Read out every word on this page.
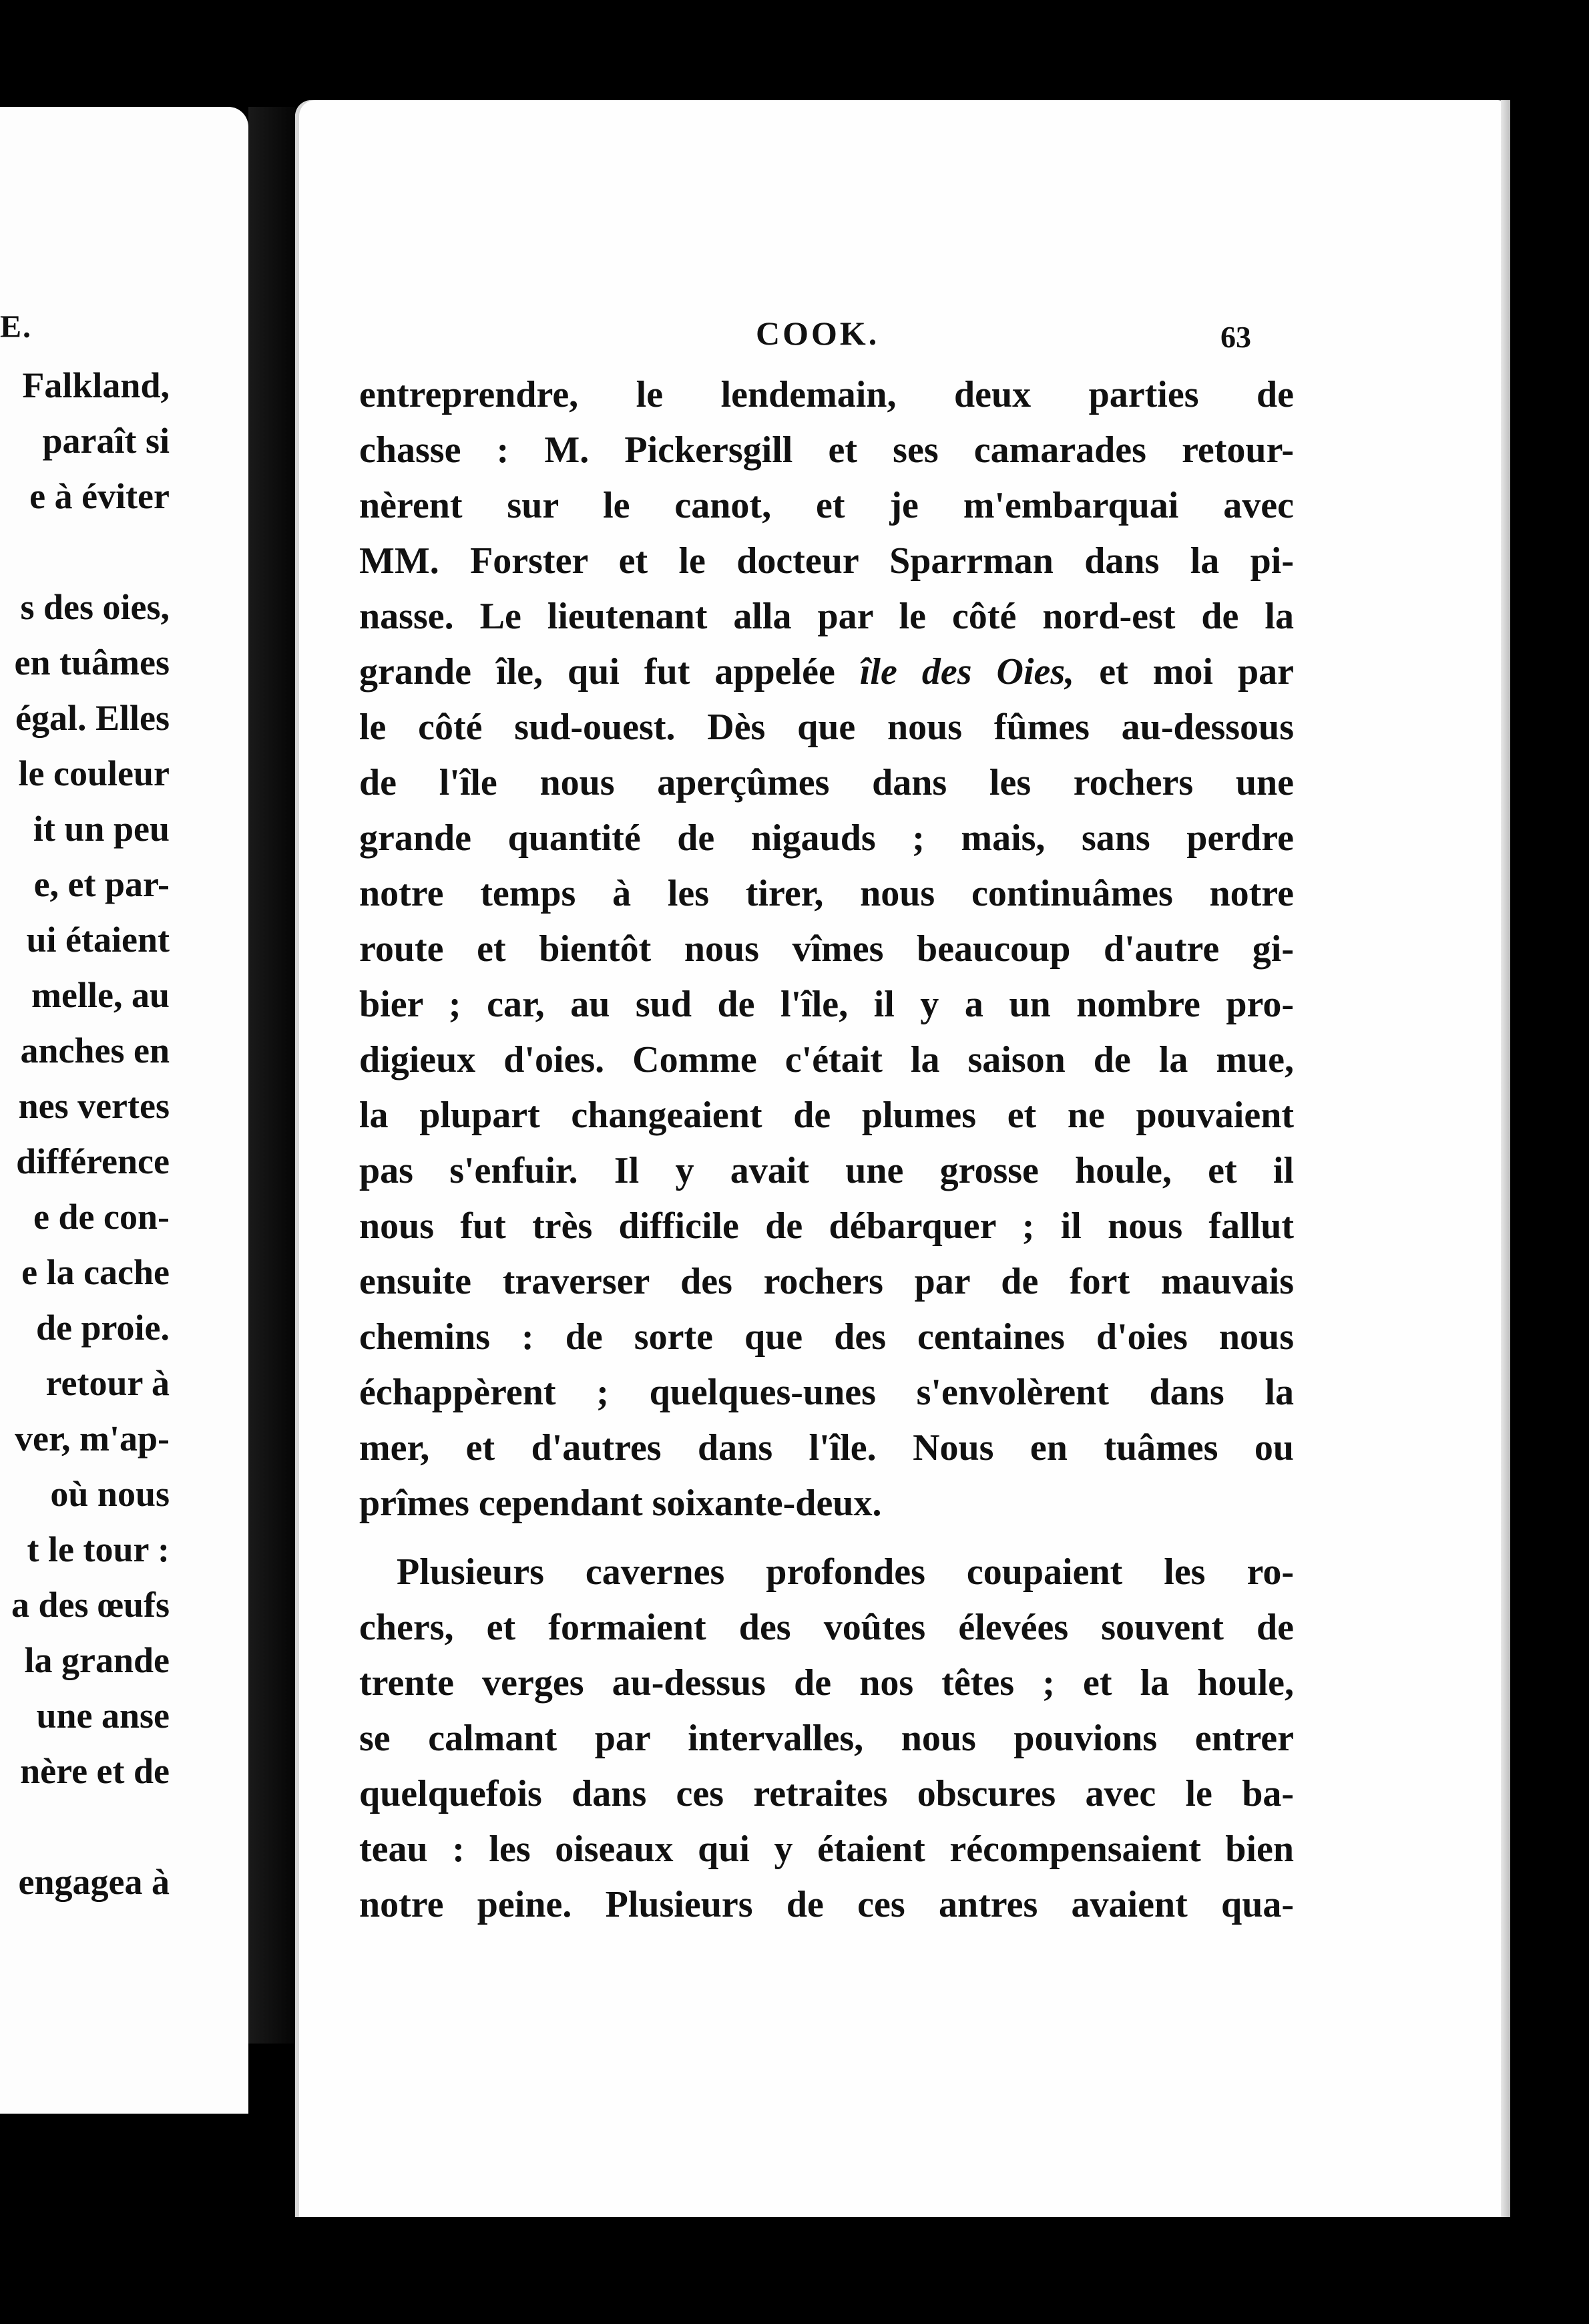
E.
Falkland,
paraît si
e à éviter
s des oies,
en tuâmes
égal. Elles
le couleur
it un peu
e, et par-
ui étaient
melle, au
anches en
nes vertes
différence
e de con-
e la cache
de proie.
retour à
ver, m'ap-
où nous
t le tour :
a des œufs
la grande
une anse
nère et de
engagea à
COOK.	63
entreprendre, le lendemain, deux parties de
chasse : M. Pickersgill et ses camarades retour-
nèrent sur le canot, et je m'embarquai avec
MM. Forster et le docteur Sparrman dans la pi-
nasse. Le lieutenant alla par le côté nord-est de la
grande île, qui fut appelée île des Oies, et moi par
le côté sud-ouest. Dès que nous fûmes au-dessous
de l'île nous aperçûmes dans les rochers une
grande quantité de nigauds ; mais, sans perdre
notre temps à les tirer, nous continuâmes notre
route et bientôt nous vîmes beaucoup d'autre gi-
bier ; car, au sud de l'île, il y a un nombre pro-
digieux d'oies. Comme c'était la saison de la mue,
la plupart changeaient de plumes et ne pouvaient
pas s'enfuir. Il y avait une grosse houle, et il
nous fut très difficile de débarquer ; il nous fallut
ensuite traverser des rochers par de fort mauvais
chemins : de sorte que des centaines d'oies nous
échappèrent ; quelques-unes s'envolèrent dans la
mer, et d'autres dans l'île. Nous en tuâmes ou
prîmes cependant soixante-deux.
Plusieurs cavernes profondes coupaient les ro-
chers, et formaient des voûtes élevées souvent de
trente verges au-dessus de nos têtes ; et la houle,
se calmant par intervalles, nous pouvions entrer
quelquefois dans ces retraites obscures avec le ba-
teau : les oiseaux qui y étaient récompensaient bien
notre peine. Plusieurs de ces antres avaient qua-
